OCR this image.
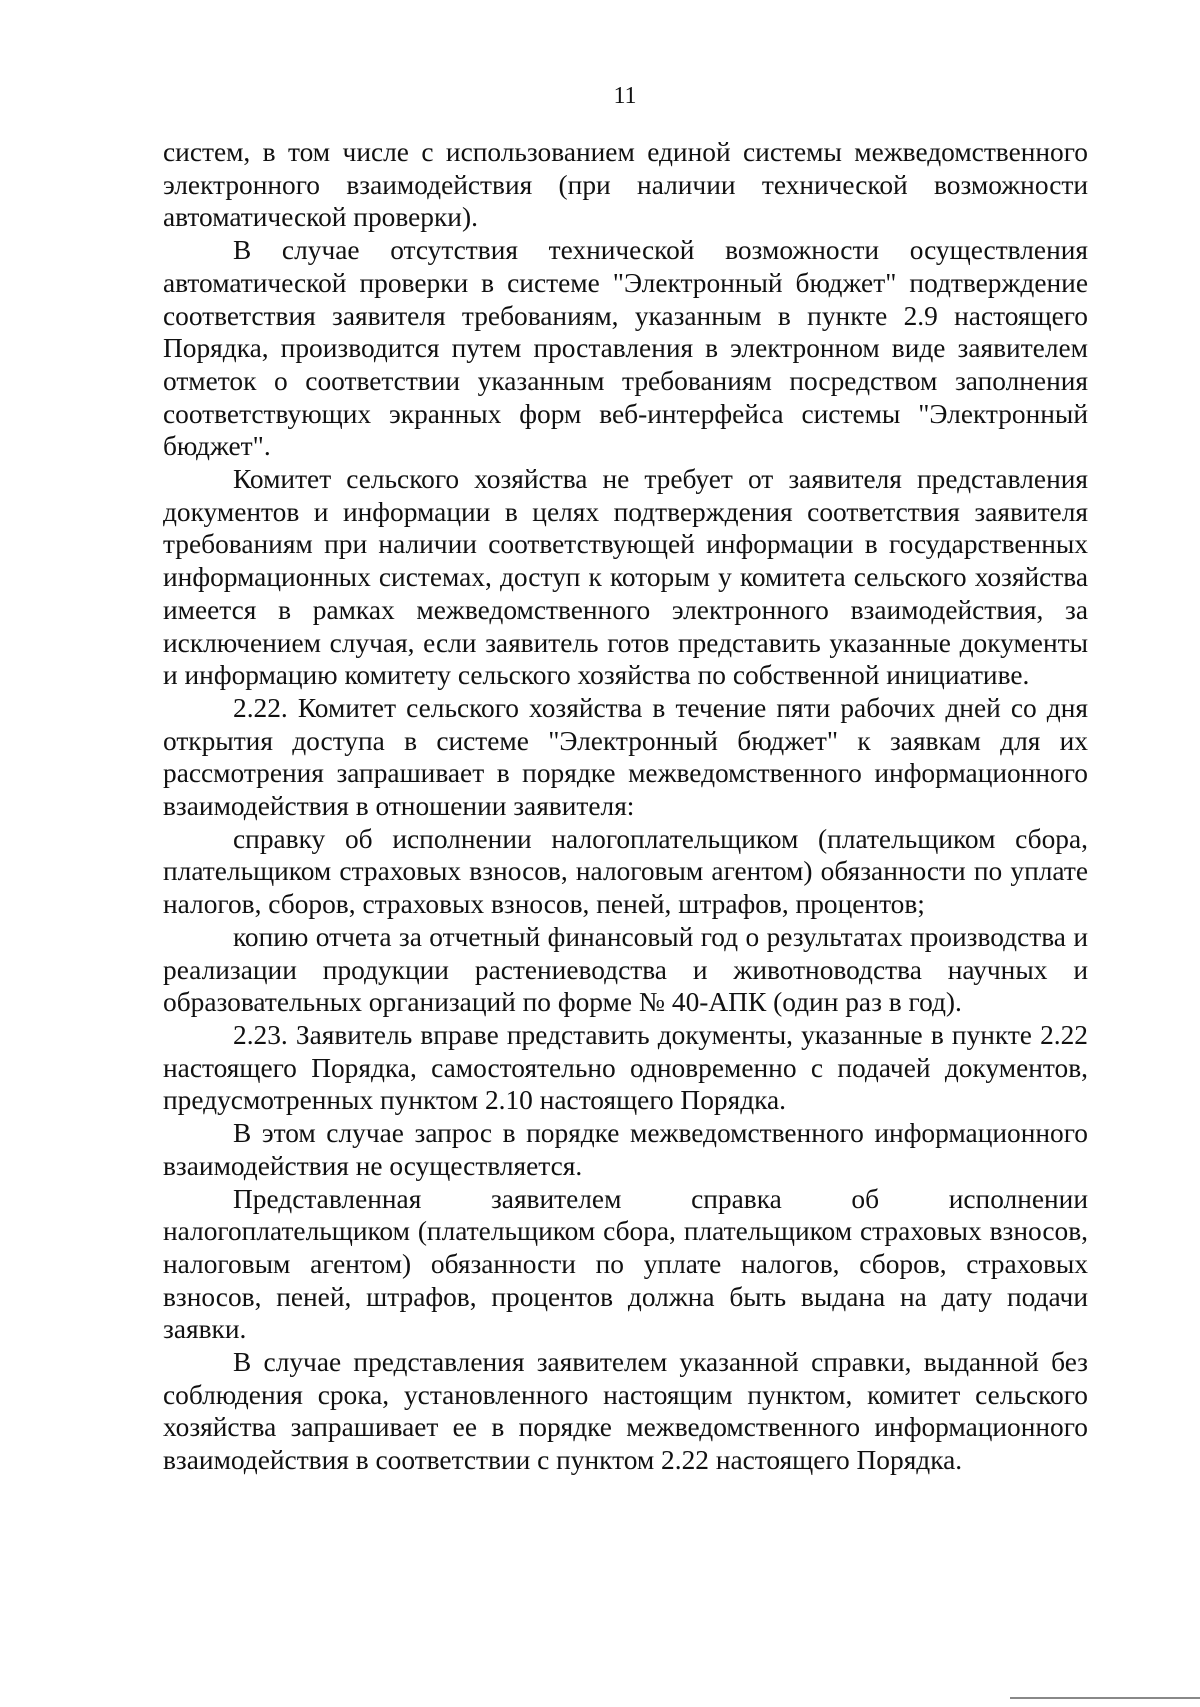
11

систем, в том числе с использованием единой системы межведомственного электронного взаимодействия (при наличии технической возможности автоматической проверки).

В случае отсутствия технической возможности осуществления автоматической проверки в системе "Электронный бюджет" подтверждение соответствия заявителя требованиям, указанным в пункте 2.9 настоящего Порядка, производится путем проставления в электронном виде заявителем отметок о соответствии указанным требованиям посредством заполнения соответствующих экранных форм веб-интерфейса системы "Электронный бюджет".

Комитет сельского хозяйства не требует от заявителя представления документов и информации в целях подтверждения соответствия заявителя требованиям при наличии соответствующей информации в государственных информационных системах, доступ к которым у комитета сельского хозяйства имеется в рамках межведомственного электронного взаимодействия, за исключением случая, если заявитель готов представить указанные документы и информацию комитету сельского хозяйства по собственной инициативе.

2.22. Комитет сельского хозяйства в течение пяти рабочих дней со дня открытия доступа в системе "Электронный бюджет" к заявкам для их рассмотрения запрашивает в порядке межведомственного информационного взаимодействия в отношении заявителя:

справку об исполнении налогоплательщиком (плательщиком сбора, плательщиком страховых взносов, налоговым агентом) обязанности по уплате налогов, сборов, страховых взносов, пеней, штрафов, процентов;

копию отчета за отчетный финансовый год о результатах производства и реализации продукции растениеводства и животноводства научных и образовательных организаций по форме № 40-АПК (один раз в год).

2.23. Заявитель вправе представить документы, указанные в пункте 2.22 настоящего Порядка, самостоятельно одновременно с подачей документов, предусмотренных пунктом 2.10 настоящего Порядка.

В этом случае запрос в порядке межведомственного информационного взаимодействия не осуществляется.

Представленная заявителем справка об исполнении налогоплательщиком (плательщиком сбора, плательщиком страховых взносов, налоговым агентом) обязанности по уплате налогов, сборов, страховых взносов, пеней, штрафов, процентов должна быть выдана на дату подачи заявки.

В случае представления заявителем указанной справки, выданной без соблюдения срока, установленного настоящим пунктом, комитет сельского хозяйства запрашивает ее в порядке межведомственного информационного взаимодействия в соответствии с пунктом 2.22 настоящего Порядка.
